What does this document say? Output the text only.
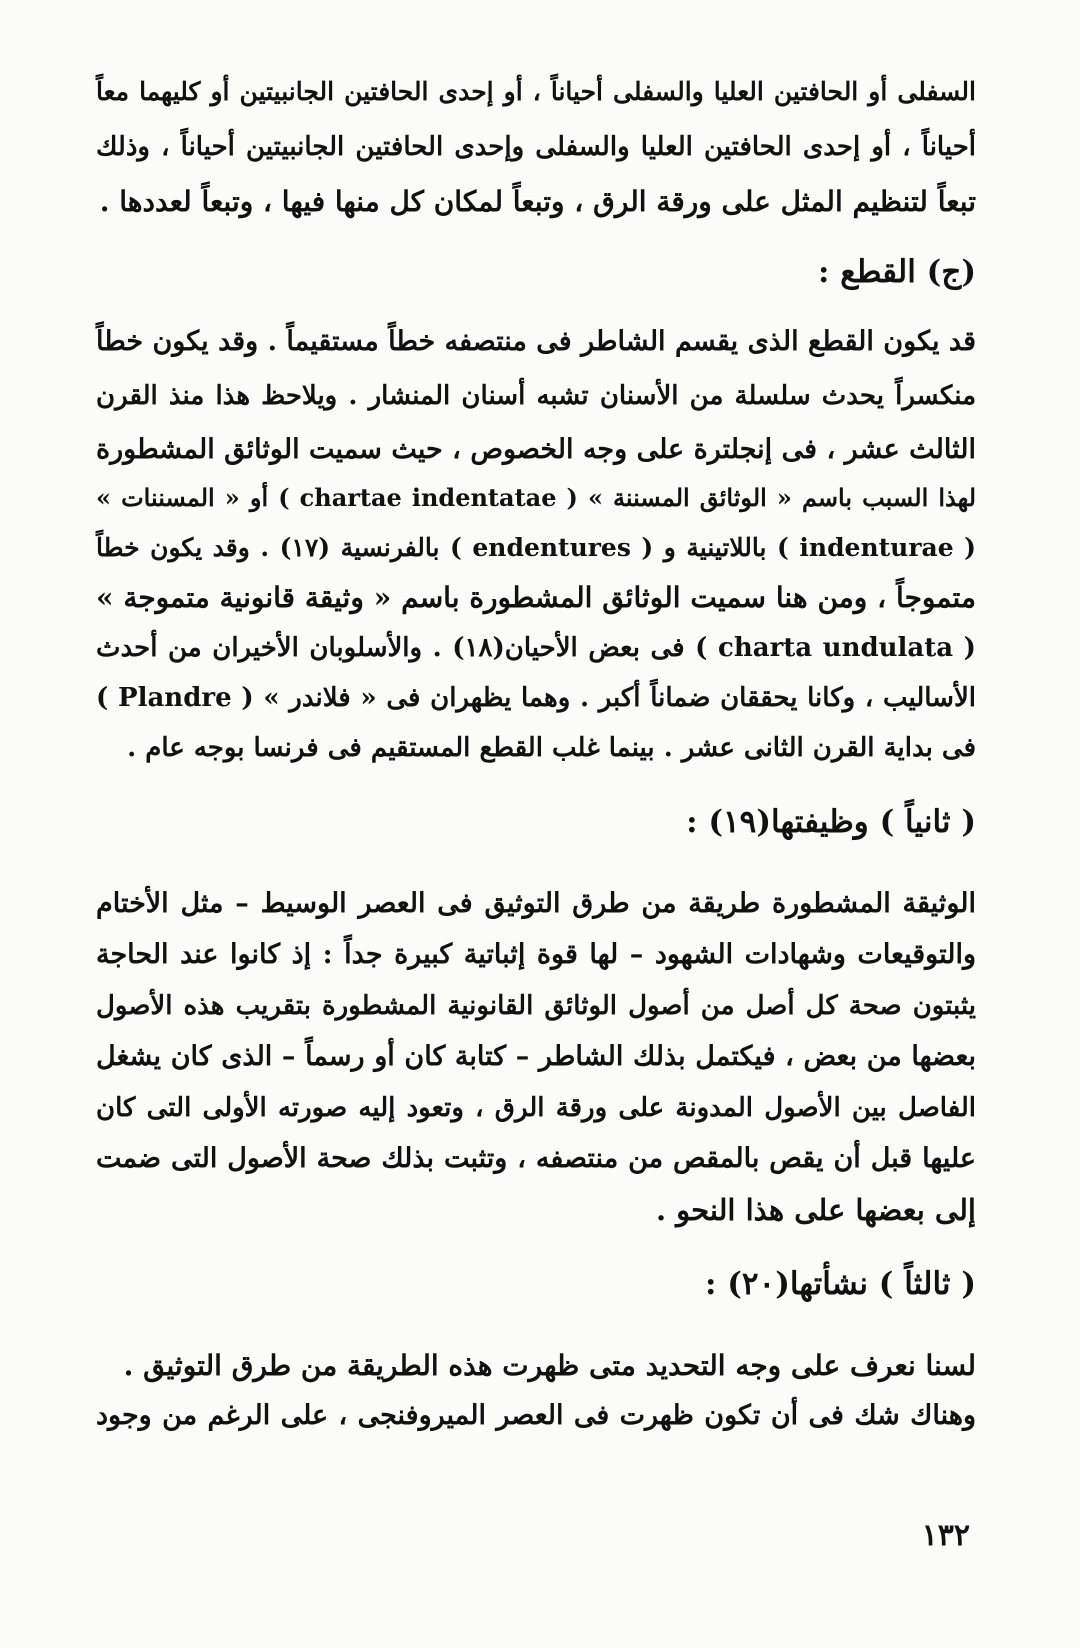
السفلى أو الحافتين العليا والسفلى أحياناً ، أو إحدى الحافتين الجانبيتين أو كليهما معاً
أحياناً ، أو إحدى الحافتين العليا والسفلى وإحدى الحافتين الجانبيتين أحياناً ، وذلك
تبعاً لتنظيم المثل على ورقة الرق ، وتبعاً لمكان كل منها فيها ، وتبعاً لعددها .
(ج) القطع :
قد يكون القطع الذى يقسم الشاطر فى منتصفه خطاً مستقيماً . وقد يكون خطاً
منكسراً يحدث سلسلة من الأسنان تشبه أسنان المنشار . ويلاحظ هذا منذ القرن
الثالث عشر ، فى إنجلترة على وجه الخصوص ، حيث سميت الوثائق المشطورة
لهذا السبب باسم « الوثائق المسننة » ( chartae indentatae ) أو « المسننات »
( indenturae ) باللاتينية و ( endentures ) بالفرنسية (١٧) . وقد يكون خطاً
متموجاً ، ومن هنا سميت الوثائق المشطورة باسم « وثيقة قانونية متموجة »
( charta undulata ) فى بعض الأحيان(١٨) . والأسلوبان الأخيران من أحدث
الأساليب ، وكانا يحققان ضماناً أكبر . وهما يظهران فى « فلاندر » ( Plandre )
فى بداية القرن الثانى عشر . بينما غلب القطع المستقيم فى فرنسا بوجه عام .
( ثانياً ) وظيفتها(١٩) :
الوثيقة المشطورة طريقة من طرق التوثيق فى العصر الوسيط – مثل الأختام
والتوقيعات وشهادات الشهود – لها قوة إثباتية كبيرة جداً : إذ كانوا عند الحاجة
يثبتون صحة كل أصل من أصول الوثائق القانونية المشطورة بتقريب هذه الأصول
بعضها من بعض ، فيكتمل بذلك الشاطر – كتابة كان أو رسماً – الذى كان يشغل
الفاصل بين الأصول المدونة على ورقة الرق ، وتعود إليه صورته الأولى التى كان
عليها قبل أن يقص بالمقص من منتصفه ، وتثبت بذلك صحة الأصول التى ضمت
إلى بعضها على هذا النحو .
( ثالثاً ) نشأتها(٢٠) :
لسنا نعرف على وجه التحديد متى ظهرت هذه الطريقة من طرق التوثيق .
وهناك شك فى أن تكون ظهرت فى العصر الميروفنجى ، على الرغم من وجود
١٣٢
